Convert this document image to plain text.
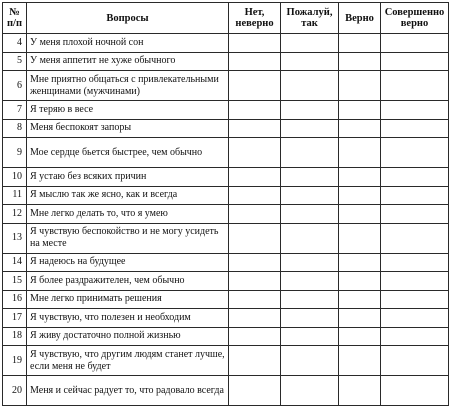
№ п/п	Вопросы	Нет, неверно	Пожалуй, так	Верно	Совершенно верно
4	У меня плохой ночной сон				
5	У меня аппетит не хуже обычного				
6	Мне приятно общаться с привлекательными женщинами (мужчинами)				
7	Я теряю в весе				
8	Меня беспокоят запоры				
9	Мое сердце бьется быстрее, чем обычно				
10	Я устаю без всяких причин				
11	Я мыслю так же ясно, как и всегда				
12	Мне легко делать то, что я умею				
13	Я чувствую беспокойство и не могу усидеть на месте				
14	Я надеюсь на будущее				
15	Я более раздражителен, чем обычно				
16	Мне легко принимать решения				
17	Я чувствую, что полезен и необходим				
18	Я живу достаточно полной жизнью				
19	Я чувствую, что другим людям станет лучше, если меня не будет				
20	Меня и сейчас радует то, что радовало всегда				
